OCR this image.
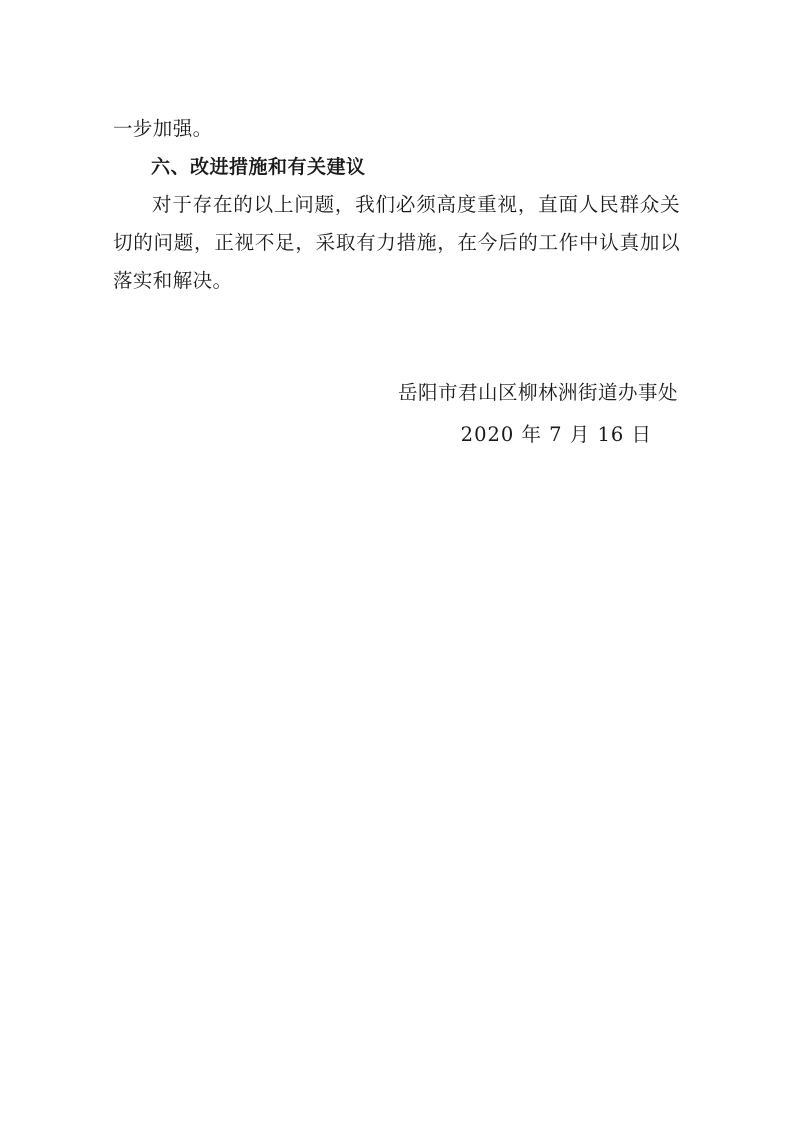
一步加强。

六、改进措施和有关建议

对于存在的以上问题，我们必须高度重视，直面人民群众关切的问题，正视不足，采取有力措施，在今后的工作中认真加以落实和解决。

岳阳市君山区柳林洲街道办事处
2020 年 7 月 16 日
